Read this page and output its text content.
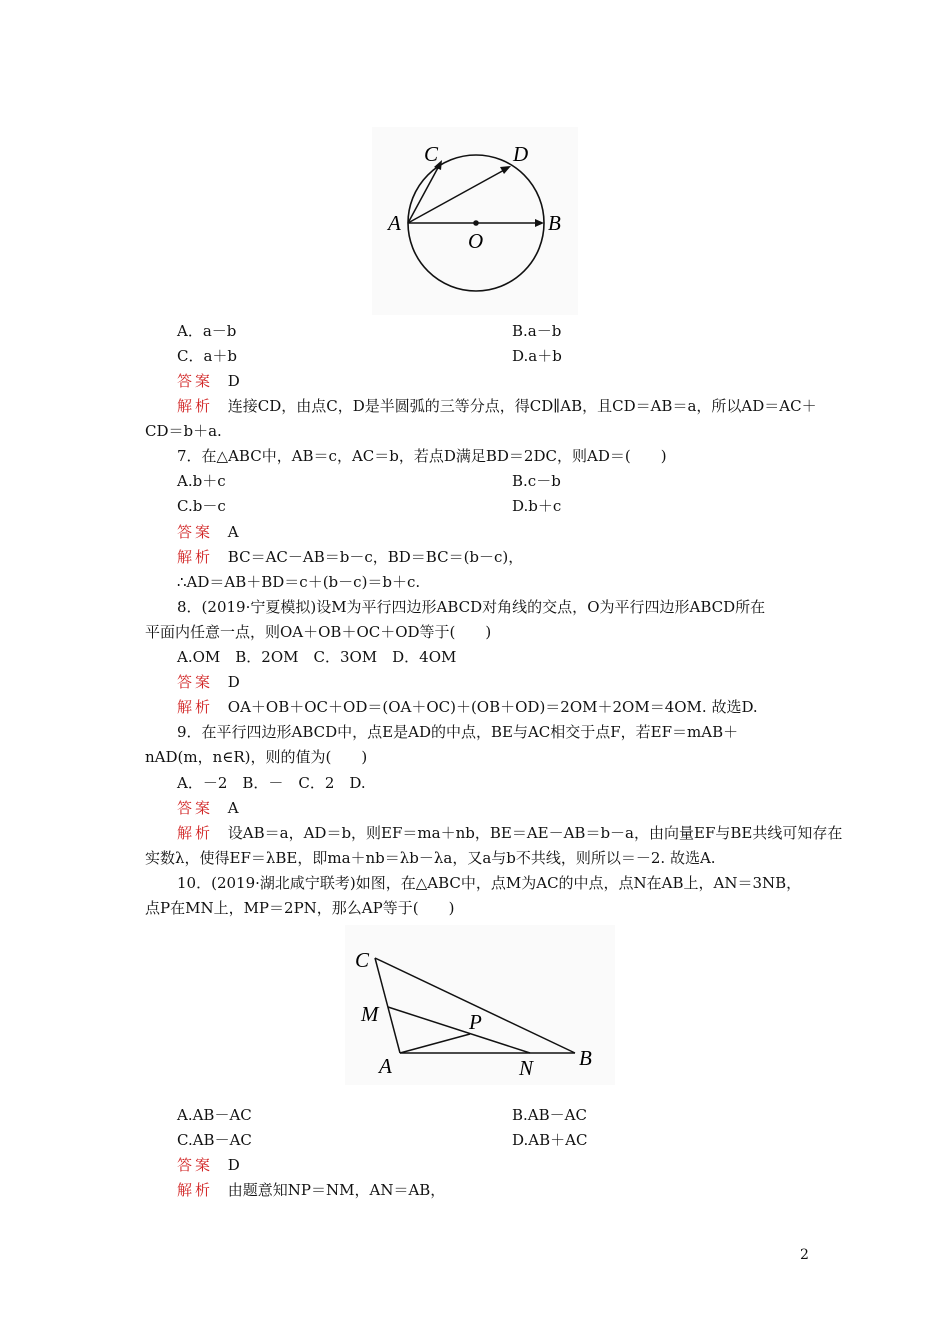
C	D
A
O
B
A．a－b	B.a－b
C．a＋b	D.a＋b
答案 D
解析 连接CD，由点C，D是半圆弧的三等分点，得CD∥AB，且CD＝AB＝a，所以AD＝AC＋
CD＝b＋a.
7．在△ABC中，AB＝c，AC＝b，若点D满足BD＝2DC，则AD＝(　　)
A.b＋c	B.c－b
C.b－c	D.b＋c
答案 A
解析 BC＝AC－AB＝b－c，BD＝BC＝(b－c)，
∴AD＝AB＋BD＝c＋(b－c)＝b＋c.
8．(2019·宁夏模拟)设M为平行四边形ABCD对角线的交点，O为平行四边形ABCD所在
平面内任意一点，则OA＋OB＋OC＋OD等于(　　)
A.OM　B．2OM　C．3OM　D．4OM
答案 D
解析 OA＋OB＋OC＋OD＝(OA＋OC)＋(OB＋OD)＝2OM＋2OM＝4OM. 故选D.
9．在平行四边形ABCD中，点E是AD的中点，BE与AC相交于点F，若EF＝mAB＋
nAD(m，n∈R)，则的值为(　　)
A．－2　B．－　C．2　D.
答案 A
解析 设AB＝a，AD＝b，则EF＝ma＋nb，BE＝AE－AB＝b－a，由向量EF与BE共线可知存在
实数λ，使得EF＝λBE，即ma＋nb＝λb－λa，又a与b不共线，则所以＝－2. 故选A.
10．(2019·湖北咸宁联考)如图，在△ABC中，点M为AC的中点，点N在AB上，AN＝3NB，
点P在MN上，MP＝2PN，那么AP等于(　　)
C
M	P
A	N B
A.AB－AC	B.AB－AC
C.AB－AC	D.AB＋AC
答案 D
解析 由题意知NP＝NM，AN＝AB，
2
